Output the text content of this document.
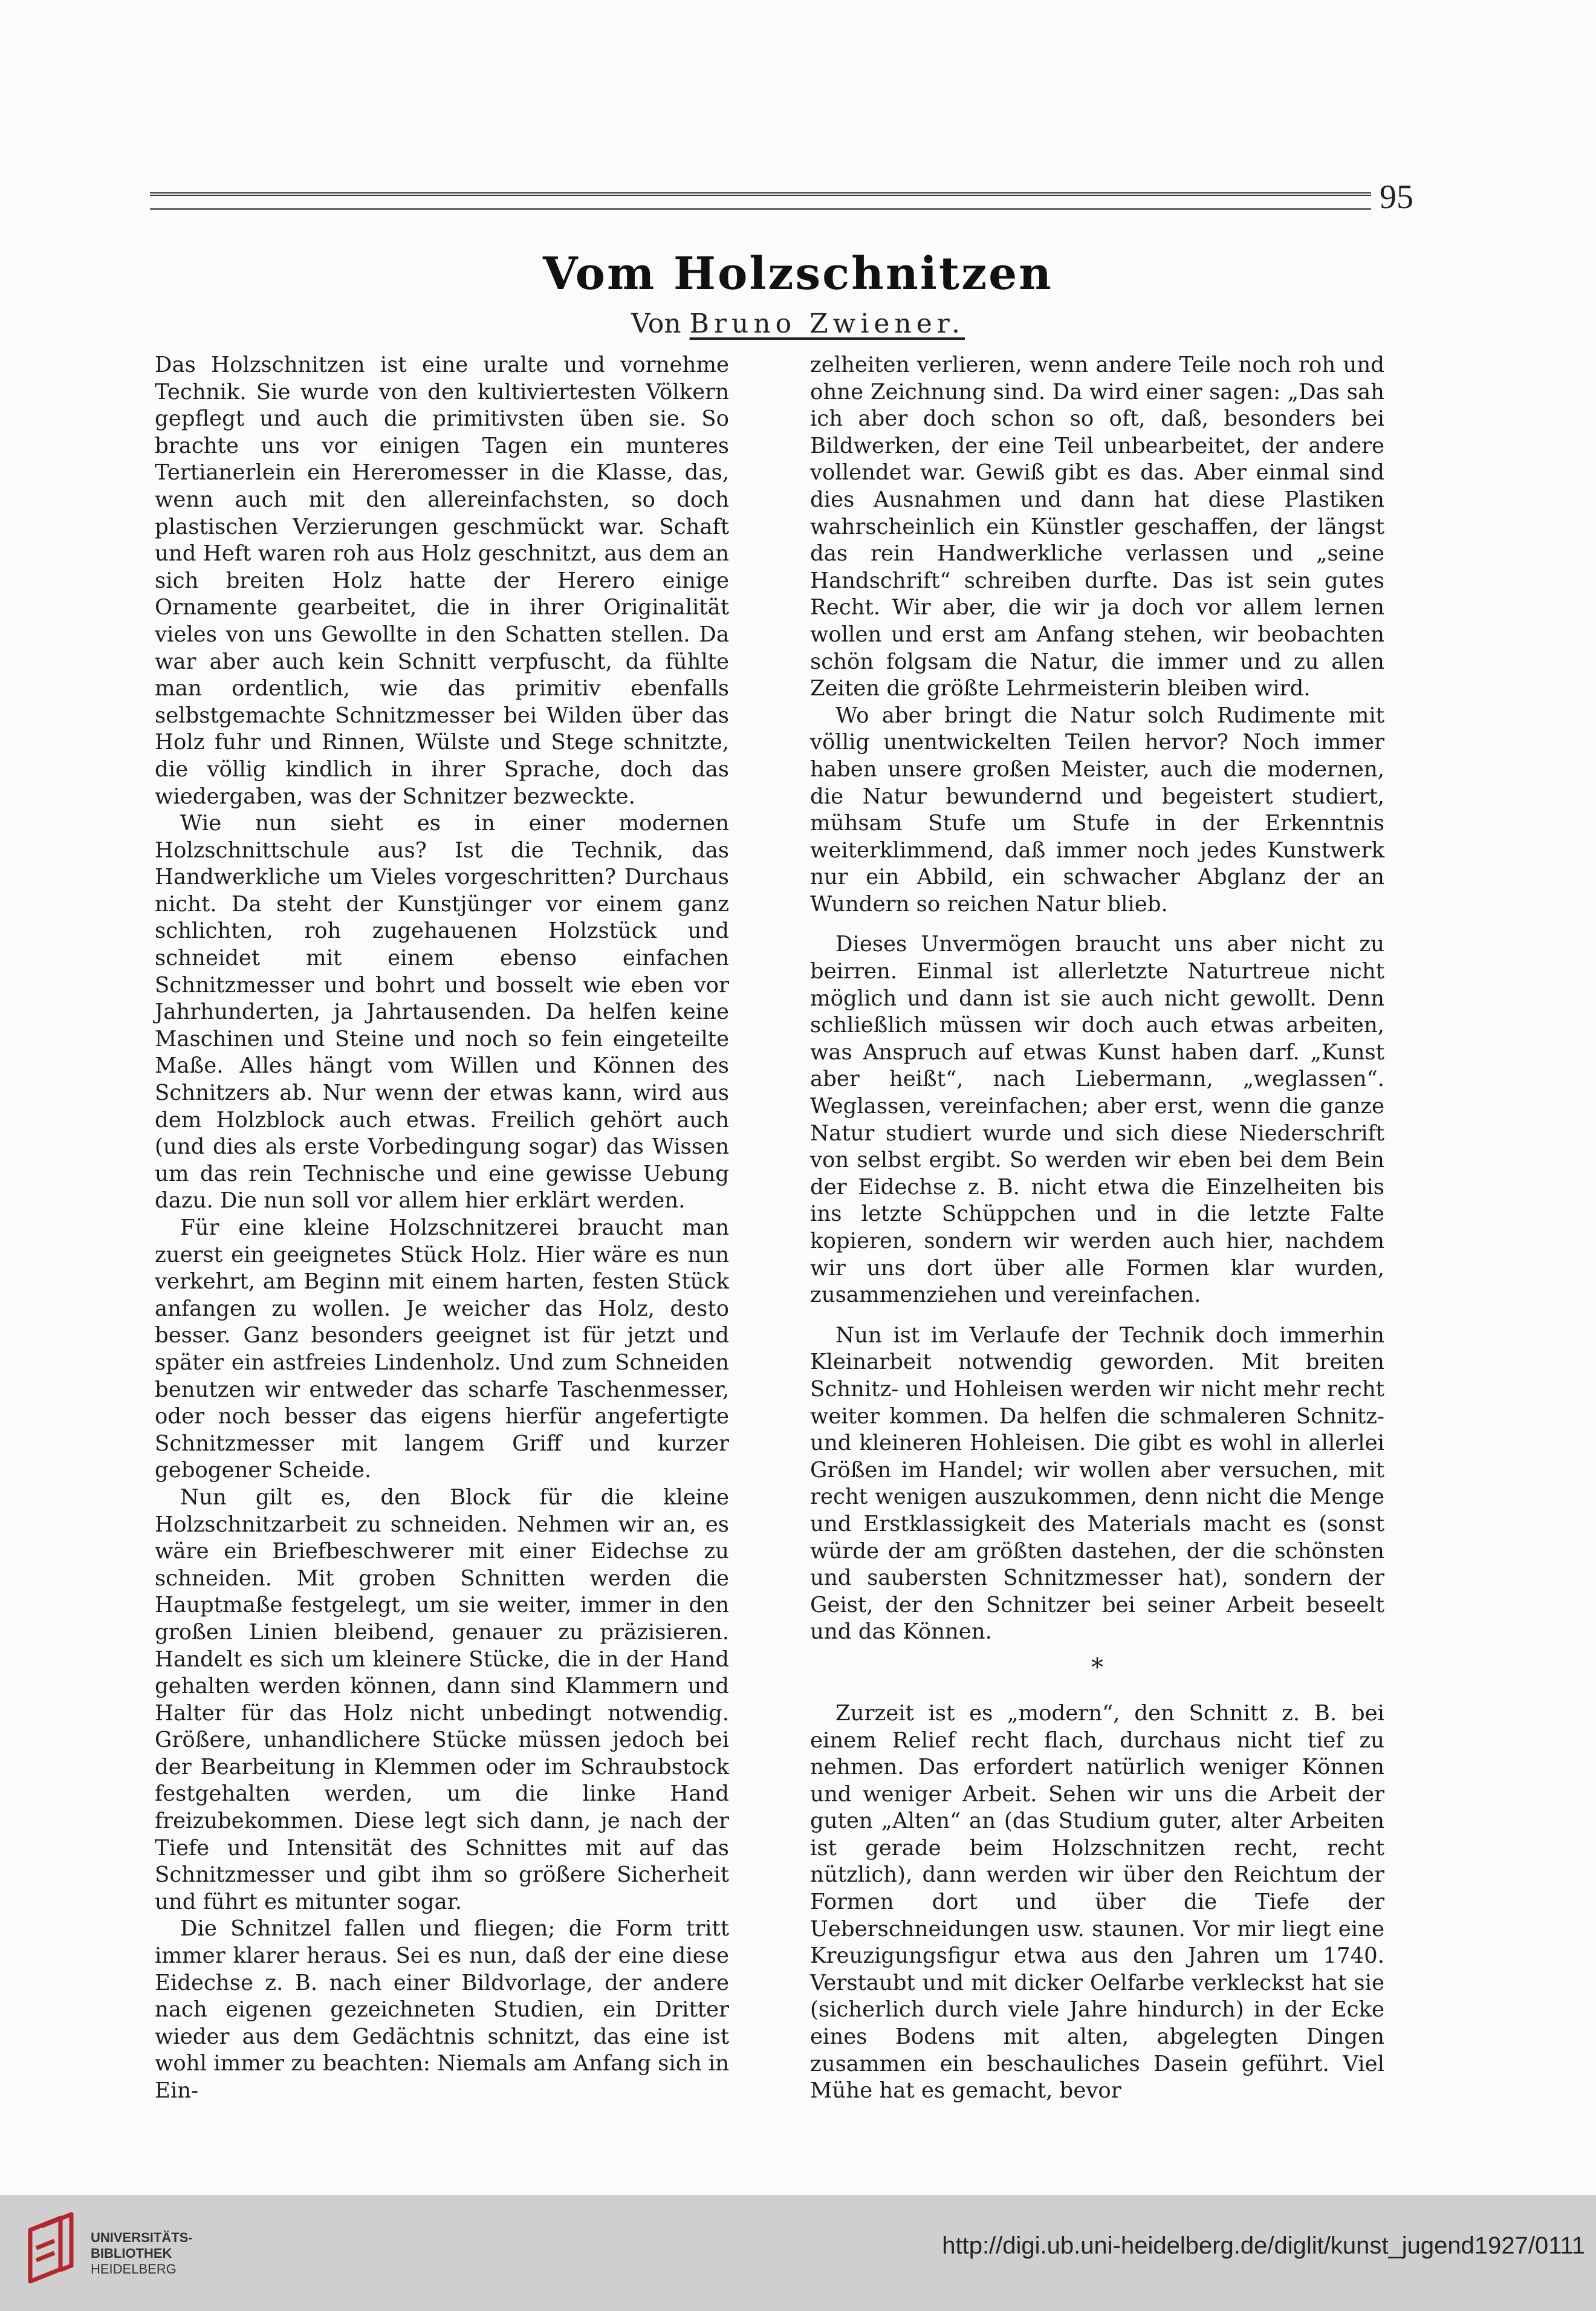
95
Vom Holzschnitzen
Von Bruno Zwiener.

Das Holzschnitzen ist eine uralte und vornehme Technik. Sie wurde von den kultiviertesten Völkern gepflegt und auch die primitivsten üben sie. So brachte uns vor einigen Tagen ein munteres Tertianerlein ein Hereromesser in die Klasse, das, wenn auch mit den allereinfachsten, so doch plastischen Verzierungen geschmückt war. Schaft und Heft waren roh aus Holz geschnitzt, aus dem an sich breiten Holz hatte der Herero einige Ornamente gearbeitet, die in ihrer Originalität vieles von uns Gewollte in den Schatten stellen. Da war aber auch kein Schnitt verpfuscht, da fühlte man ordentlich, wie das primitiv ebenfalls selbstgemachte Schnitzmesser bei Wilden über das Holz fuhr und Rinnen, Wülste und Stege schnitzte, die völlig kindlich in ihrer Sprache, doch das wiedergaben, was der Schnitzer bezweckte.

Wie nun sieht es in einer modernen Holzschnittschule aus? Ist die Technik, das Handwerkliche um Vieles vorgeschritten? Durchaus nicht. Da steht der Kunstjünger vor einem ganz schlichten, roh zugehauenen Holzstück und schneidet mit einem ebenso einfachen Schnitzmesser und bohrt und bosselt wie eben vor Jahrhunderten, ja Jahrtausenden. Da helfen keine Maschinen und Steine und noch so fein eingeteilte Maße. Alles hängt vom Willen und Können des Schnitzers ab. Nur wenn der etwas kann, wird aus dem Holzblock auch etwas. Freilich gehört auch (und dies als erste Vorbedingung sogar) das Wissen um das rein Technische und eine gewisse Uebung dazu. Die nun soll vor allem hier erklärt werden.

Für eine kleine Holzschnitzerei braucht man zuerst ein geeignetes Stück Holz. Hier wäre es nun verkehrt, am Beginn mit einem harten, festen Stück anfangen zu wollen. Je weicher das Holz, desto besser. Ganz besonders geeignet ist für jetzt und später ein astfreies Lindenholz. Und zum Schneiden benutzen wir entweder das scharfe Taschenmesser, oder noch besser das eigens hierfür angefertigte Schnitzmesser mit langem Griff und kurzer gebogener Scheide.

Nun gilt es, den Block für die kleine Holzschnitzarbeit zu schneiden. Nehmen wir an, es wäre ein Briefbeschwerer mit einer Eidechse zu schneiden. Mit groben Schnitten werden die Hauptmaße festgelegt, um sie weiter, immer in den großen Linien bleibend, genauer zu präzisieren. Handelt es sich um kleinere Stücke, die in der Hand gehalten werden können, dann sind Klammern und Halter für das Holz nicht unbedingt notwendig. Größere, unhandlichere Stücke müssen jedoch bei der Bearbeitung in Klemmen oder im Schraubstock festgehalten werden, um die linke Hand freizubekommen. Diese legt sich dann, je nach der Tiefe und Intensität des Schnittes mit auf das Schnitzmesser und gibt ihm so größere Sicherheit und führt es mitunter sogar.

Die Schnitzel fallen und fliegen; die Form tritt immer klarer heraus. Sei es nun, daß der eine diese Eidechse z. B. nach einer Bildvorlage, der andere nach eigenen gezeichneten Studien, ein Dritter wieder aus dem Gedächtnis schnitzt, das eine ist wohl immer zu beachten: Niemals am Anfang sich in Ein-

zelheiten verlieren, wenn andere Teile noch roh und ohne Zeichnung sind. Da wird einer sagen: „Das sah ich aber doch schon so oft, daß, besonders bei Bildwerken, der eine Teil unbearbeitet, der andere vollendet war. Gewiß gibt es das. Aber einmal sind dies Ausnahmen und dann hat diese Plastiken wahrscheinlich ein Künstler geschaffen, der längst das rein Handwerkliche verlassen und „seine Handschrift“ schreiben durfte. Das ist sein gutes Recht. Wir aber, die wir ja doch vor allem lernen wollen und erst am Anfang stehen, wir beobachten schön folgsam die Natur, die immer und zu allen Zeiten die größte Lehrmeisterin bleiben wird.

Wo aber bringt die Natur solch Rudimente mit völlig unentwickelten Teilen hervor? Noch immer haben unsere großen Meister, auch die modernen, die Natur bewundernd und begeistert studiert, mühsam Stufe um Stufe in der Erkenntnis weiterklimmend, daß immer noch jedes Kunstwerk nur ein Abbild, ein schwacher Abglanz der an Wundern so reichen Natur blieb.

Dieses Unvermögen braucht uns aber nicht zu beirren. Einmal ist allerletzte Naturtreue nicht möglich und dann ist sie auch nicht gewollt. Denn schließlich müssen wir doch auch etwas arbeiten, was Anspruch auf etwas Kunst haben darf. „Kunst aber heißt“, nach Liebermann, „weglassen“. Weglassen, vereinfachen; aber erst, wenn die ganze Natur studiert wurde und sich diese Niederschrift von selbst ergibt. So werden wir eben bei dem Bein der Eidechse z. B. nicht etwa die Einzelheiten bis ins letzte Schüppchen und in die letzte Falte kopieren, sondern wir werden auch hier, nachdem wir uns dort über alle Formen klar wurden, zusammenziehen und vereinfachen.

Nun ist im Verlaufe der Technik doch immerhin Kleinarbeit notwendig geworden. Mit breiten Schnitz- und Hohleisen werden wir nicht mehr recht weiter kommen. Da helfen die schmaleren Schnitz- und kleineren Hohleisen. Die gibt es wohl in allerlei Größen im Handel; wir wollen aber versuchen, mit recht wenigen auszukommen, denn nicht die Menge und Erstklassigkeit des Materials macht es (sonst würde der am größten dastehen, der die schönsten und saubersten Schnitzmesser hat), sondern der Geist, der den Schnitzer bei seiner Arbeit beseelt und das Können.

*

Zurzeit ist es „modern“, den Schnitt z. B. bei einem Relief recht flach, durchaus nicht tief zu nehmen. Das erfordert natürlich weniger Können und weniger Arbeit. Sehen wir uns die Arbeit der guten „Alten“ an (das Studium guter, alter Arbeiten ist gerade beim Holzschnitzen recht, recht nützlich), dann werden wir über den Reichtum der Formen dort und über die Tiefe der Ueberschneidungen usw. staunen. Vor mir liegt eine Kreuzigungsfigur etwa aus den Jahren um 1740. Verstaubt und mit dicker Oelfarbe verkleckst hat sie (sicherlich durch viele Jahre hindurch) in der Ecke eines Bodens mit alten, abgelegten Dingen zusammen ein beschauliches Dasein geführt. Viel Mühe hat es gemacht, bevor

UNIVERSITÄTS-
BIBLIOTHEK
HEIDELBERG
http://digi.ub.uni-heidelberg.de/diglit/kunst_jugend1927/0111
